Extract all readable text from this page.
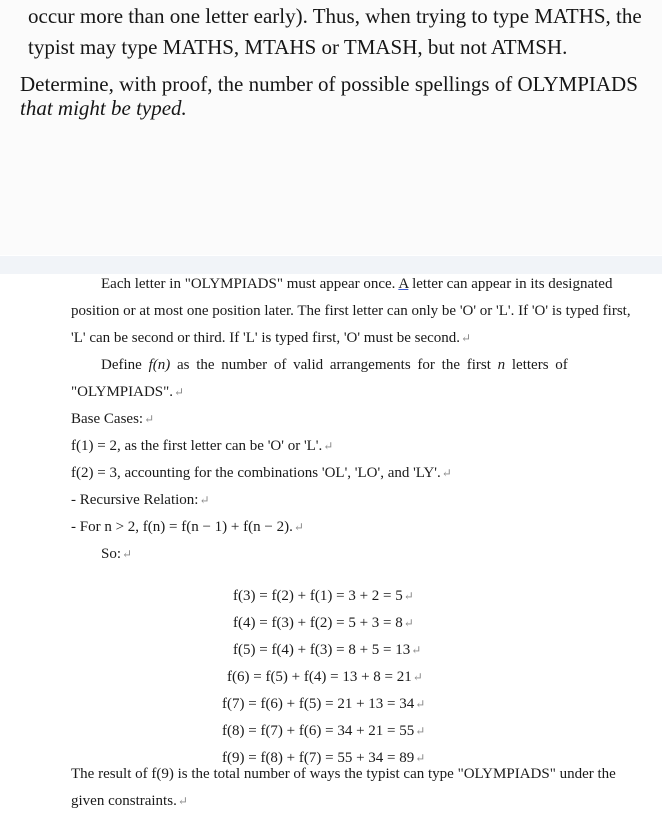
occur more than one letter early). Thus, when trying to type MATHS, the

typist may type MATHS, MTAHS or TMASH, but not ATMSH.

Determine, with proof, the number of possible spellings of OLYMPIADS

that might be typed.

Each letter in "OLYMPIADS" must appear once. A letter can appear in its designated

position or at most one position later. The first letter can only be 'O' or 'L'. If 'O' is typed first,

'L' can be second or third. If 'L' is typed first, 'O' must be second.↵

Define f(n) as the number of valid arrangements for the first n letters of

"OLYMPIADS".↵

Base Cases:↵

f(1) = 2, as the first letter can be 'O' or 'L'.↵

f(2) = 3, accounting for the combinations 'OL', 'LO', and 'LY'.↵

- Recursive Relation:↵

- For n > 2, f(n) = f(n − 1) + f(n − 2).↵

So:↵

f(3) = f(2) + f(1) = 3 + 2 = 5↵

f(4) = f(3) + f(2) = 5 + 3 = 8↵

f(5) = f(4) + f(3) = 8 + 5 = 13↵

f(6) = f(5) + f(4) = 13 + 8 = 21↵

f(7) = f(6) + f(5) = 21 + 13 = 34↵

f(8) = f(7) + f(6) = 34 + 21 = 55↵

f(9) = f(8) + f(7) = 55 + 34 = 89↵

The result of f(9) is the total number of ways the typist can type "OLYMPIADS" under the

given constraints.↵
